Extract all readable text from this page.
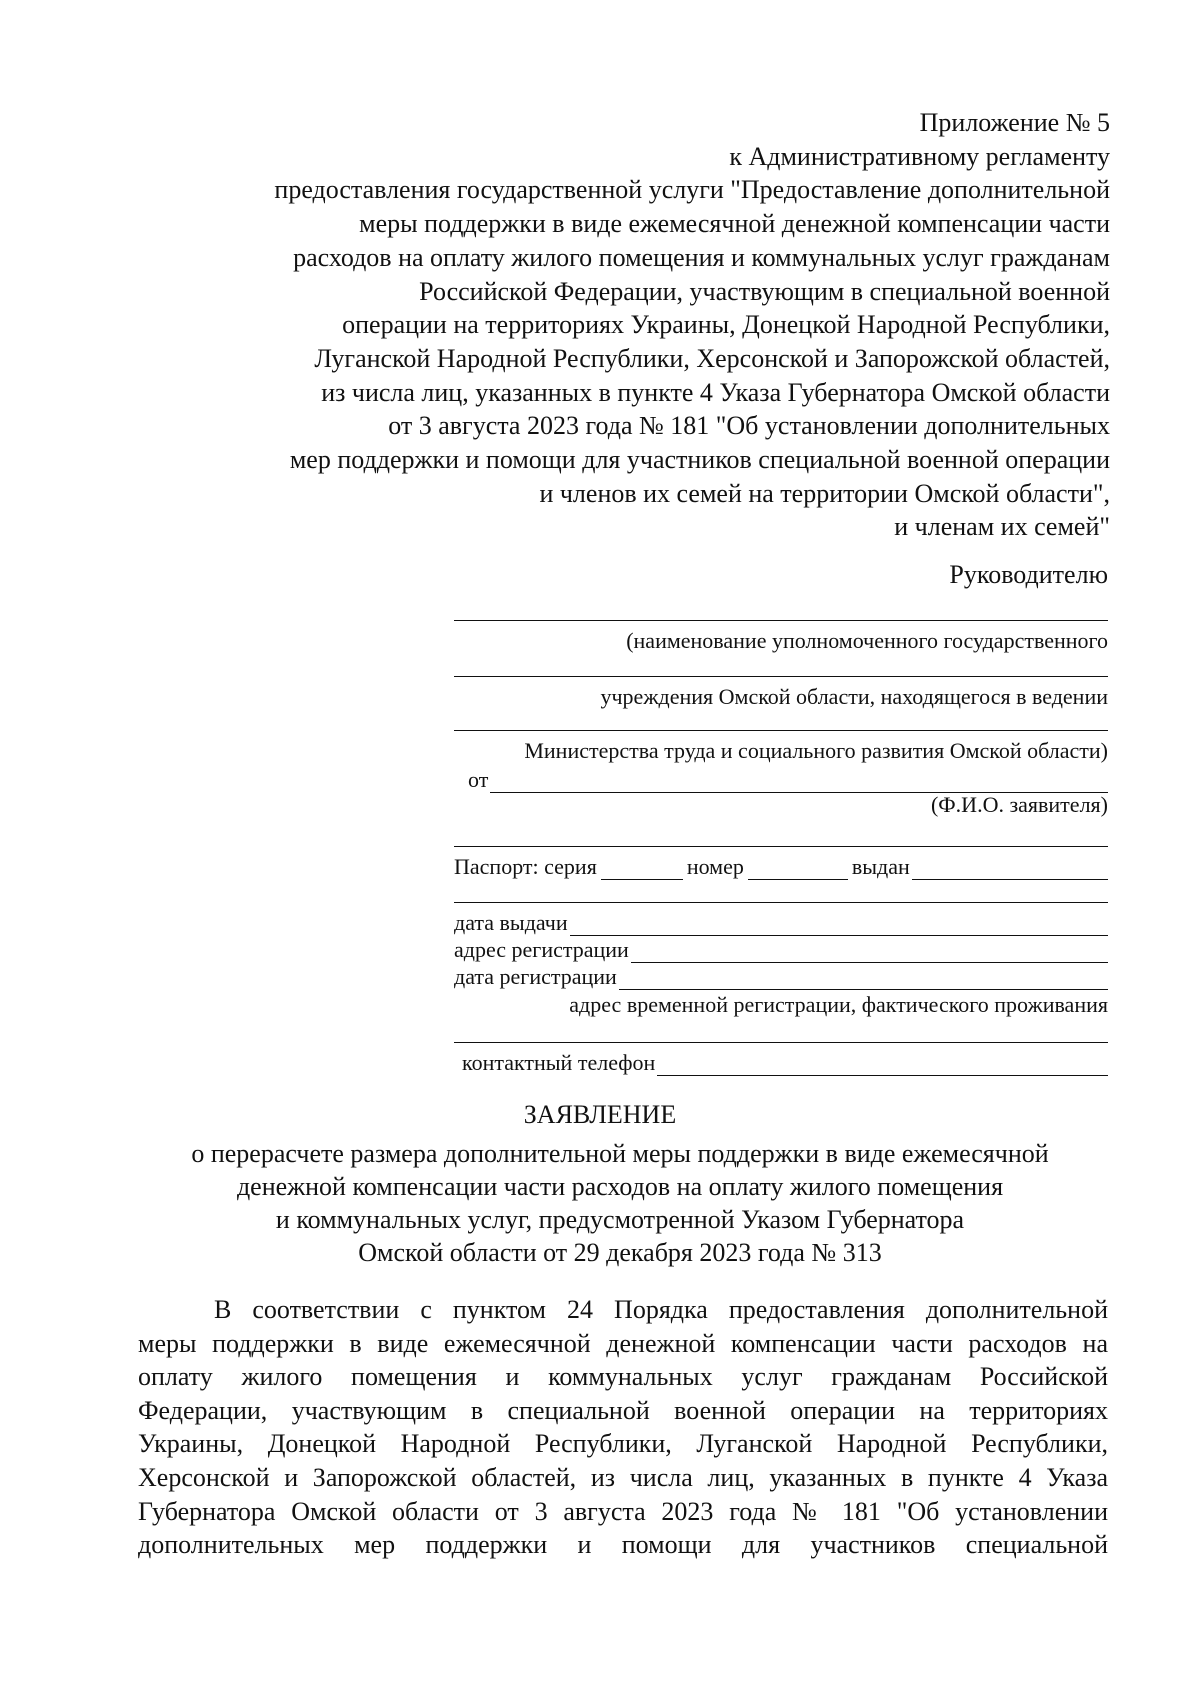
Приложение № 5
к Административному регламенту
предоставления государственной услуги "Предоставление дополнительной
меры поддержки в виде ежемесячной денежной компенсации части
расходов на оплату жилого помещения и коммунальных услуг гражданам
Российской Федерации, участвующим в специальной военной
операции на территориях Украины, Донецкой Народной Республики,
Луганской Народной Республики, Херсонской и Запорожской областей,
из числа лиц, указанных в пункте 4 Указа Губернатора Омской области
от 3 августа 2023 года № 181 "Об установлении дополнительных
мер поддержки и помощи для участников специальной военной операции
и членов их семей на территории Омской области",
и членам их семей"
Руководителю
(наименование уполномоченного государственного
учреждения Омской области, находящегося в ведении
Министерства труда и социального развития Омской области)
от
(Ф.И.О. заявителя)
Паспорт: серия	номер	выдан
дата выдачи
адрес регистрации
дата регистрации
адрес временной регистрации, фактического проживания
контактный телефон
ЗАЯВЛЕНИЕ
о перерасчете размера дополнительной меры поддержки в виде ежемесячной
денежной компенсации части расходов на оплату жилого помещения
и коммунальных услуг, предусмотренной Указом Губернатора
Омской области от 29 декабря 2023 года № 313
В соответствии с пунктом 24 Порядка предоставления дополнительной
меры поддержки в виде ежемесячной денежной компенсации части расходов на
оплату жилого помещения и коммунальных услуг гражданам Российской
Федерации, участвующим в специальной военной операции на территориях
Украины, Донецкой Народной Республики, Луганской Народной Республики,
Херсонской и Запорожской областей, из числа лиц, указанных в пункте 4 Указа
Губернатора Омской области от 3 августа 2023 года № 181 "Об установлении
дополнительных мер поддержки и помощи для участников специальной
